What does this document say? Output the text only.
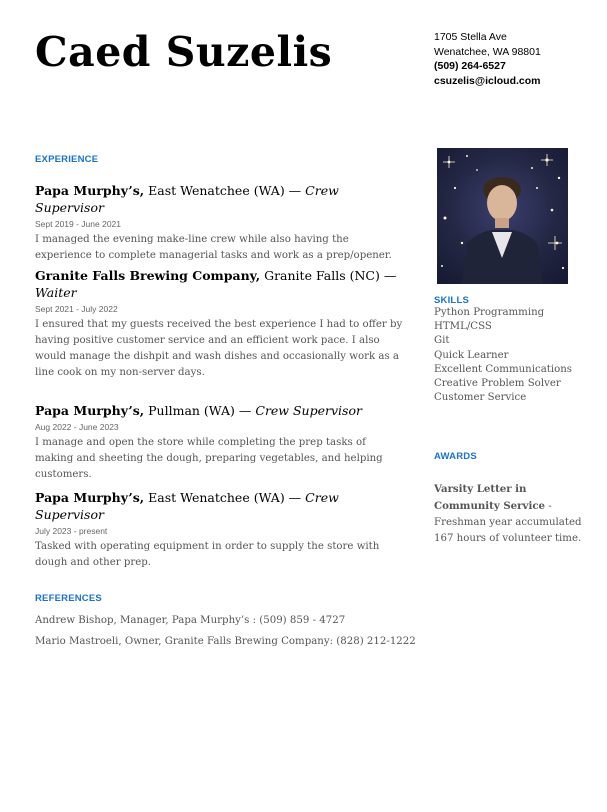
Caed Suzelis	1705 Stella Ave
Wenatchee, WA 98801
(509) 264-6527
csuzelis@icloud.com
EXPERIENCE
Papa Murphy’s, East Wenatchee (WA) — Crew Supervisor
Sept 2019 - June 2021
I managed the evening make-line crew while also having the experience to complete managerial tasks and work as a prep/opener.
Granite Falls Brewing Company, Granite Falls (NC) — Waiter
Sept 2021 - July 2022
I ensured that my guests received the best experience I had to offer by having positive customer service and an efficient work pace. I also would manage the dishpit and wash dishes and occasionally work as a line cook on my non-server days.
Papa Murphy’s, Pullman (WA) — Crew Supervisor
Aug 2022 - June 2023
I manage and open the store while completing the prep tasks of making and sheeting the dough, preparing vegetables, and helping customers.
Papa Murphy’s, East Wenatchee (WA) — Crew Supervisor
July 2023 - present
Tasked with operating equipment in order to supply the store with dough and other prep.
SKILLS
Python Programming
HTML/CSS
Git
Quick Learner
Excellent Communications
Creative Problem Solver
Customer Service
AWARDS
Varsity Letter in Community Service - Freshman year accumulated 167 hours of volunteer time.
REFERENCES
Andrew Bishop, Manager, Papa Murphy’s : (509) 859 - 4727
Mario Mastroeli, Owner, Granite Falls Brewing Company: (828) 212-1222
